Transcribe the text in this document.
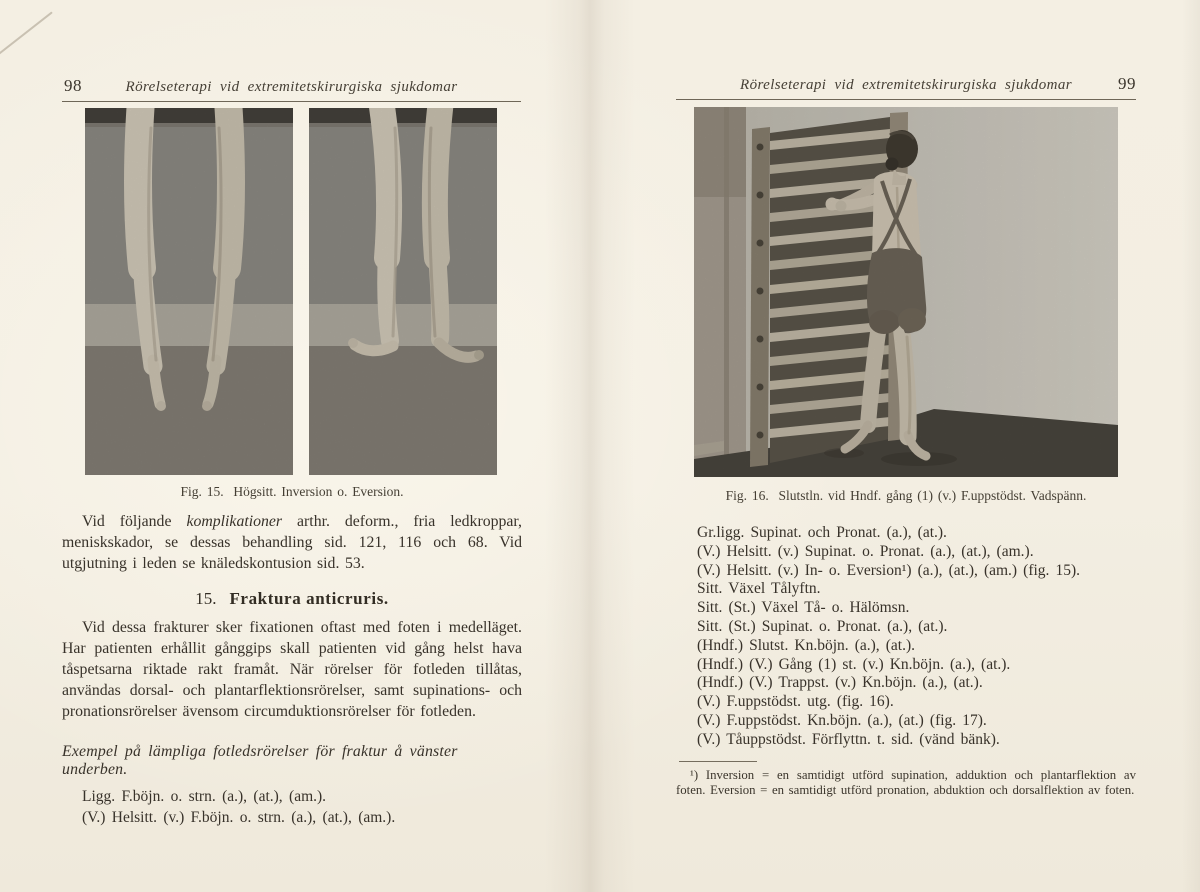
98	Rörelseterapi vid extremitetskirurgiska sjukdomar
Fig. 15.  Högsitt. Inversion o. Eversion.

Vid följande komplikationer arthr. deform., fria ledkroppar, meniskskador, se dessas behandling sid. 121, 116 och 68. Vid utgjutning i leden se knäledskontusion sid. 53.

15. Fraktura anticruris.

Vid dessa frakturer sker fixationen oftast med foten i medelläget. Har patienten erhållit gånggips skall patienten vid gång helst hava tåspetsarna riktade rakt framåt. När rörelser för fotleden tillåtas, användas dorsal- och plantarflektionsrörelser, samt supinations- och pronationsrörelser ävensom circumduktionsrörelser för fotleden.

Exempel på lämpliga fotledsrörelser för fraktur å vänster underben.

Ligg. F.böjn. o. strn. (a.), (at.), (am.).
(V.) Helsitt. (v.) F.böjn. o. strn. (a.), (at.), (am.).
Rörelseterapi vid extremitetskirurgiska sjukdomar	99
Fig. 16.  Slutstln. vid Hndf. gång (1) (v.) F.uppstödst. Vadspänn.
Gr.ligg. Supinat. och Pronat. (a.), (at.).
(V.) Helsitt. (v.) Supinat. o. Pronat. (a.), (at.), (am.).
(V.) Helsitt. (v.) In- o. Eversion¹) (a.), (at.), (am.) (fig. 15).
Sitt. Växel Tålyftn.
Sitt. (St.) Växel Tå- o. Hälömsn.
Sitt. (St.) Supinat. o. Pronat. (a.), (at.).
(Hndf.) Slutst. Kn.böjn. (a.), (at.).
(Hndf.) (V.) Gång (1) st. (v.) Kn.böjn. (a.), (at.).
(Hndf.) (V.) Trappst. (v.) Kn.böjn. (a.), (at.).
(V.) F.uppstödst. utg. (fig. 16).
(V.) F.uppstödst. Kn.böjn. (a.), (at.) (fig. 17).
(V.) Tåuppstödst. Förflyttn. t. sid. (vänd bänk).

¹) Inversion = en samtidigt utförd supination, adduktion och plantarflektion av foten. Eversion = en samtidigt utförd pronation, abduktion och dorsalflektion av foten.
